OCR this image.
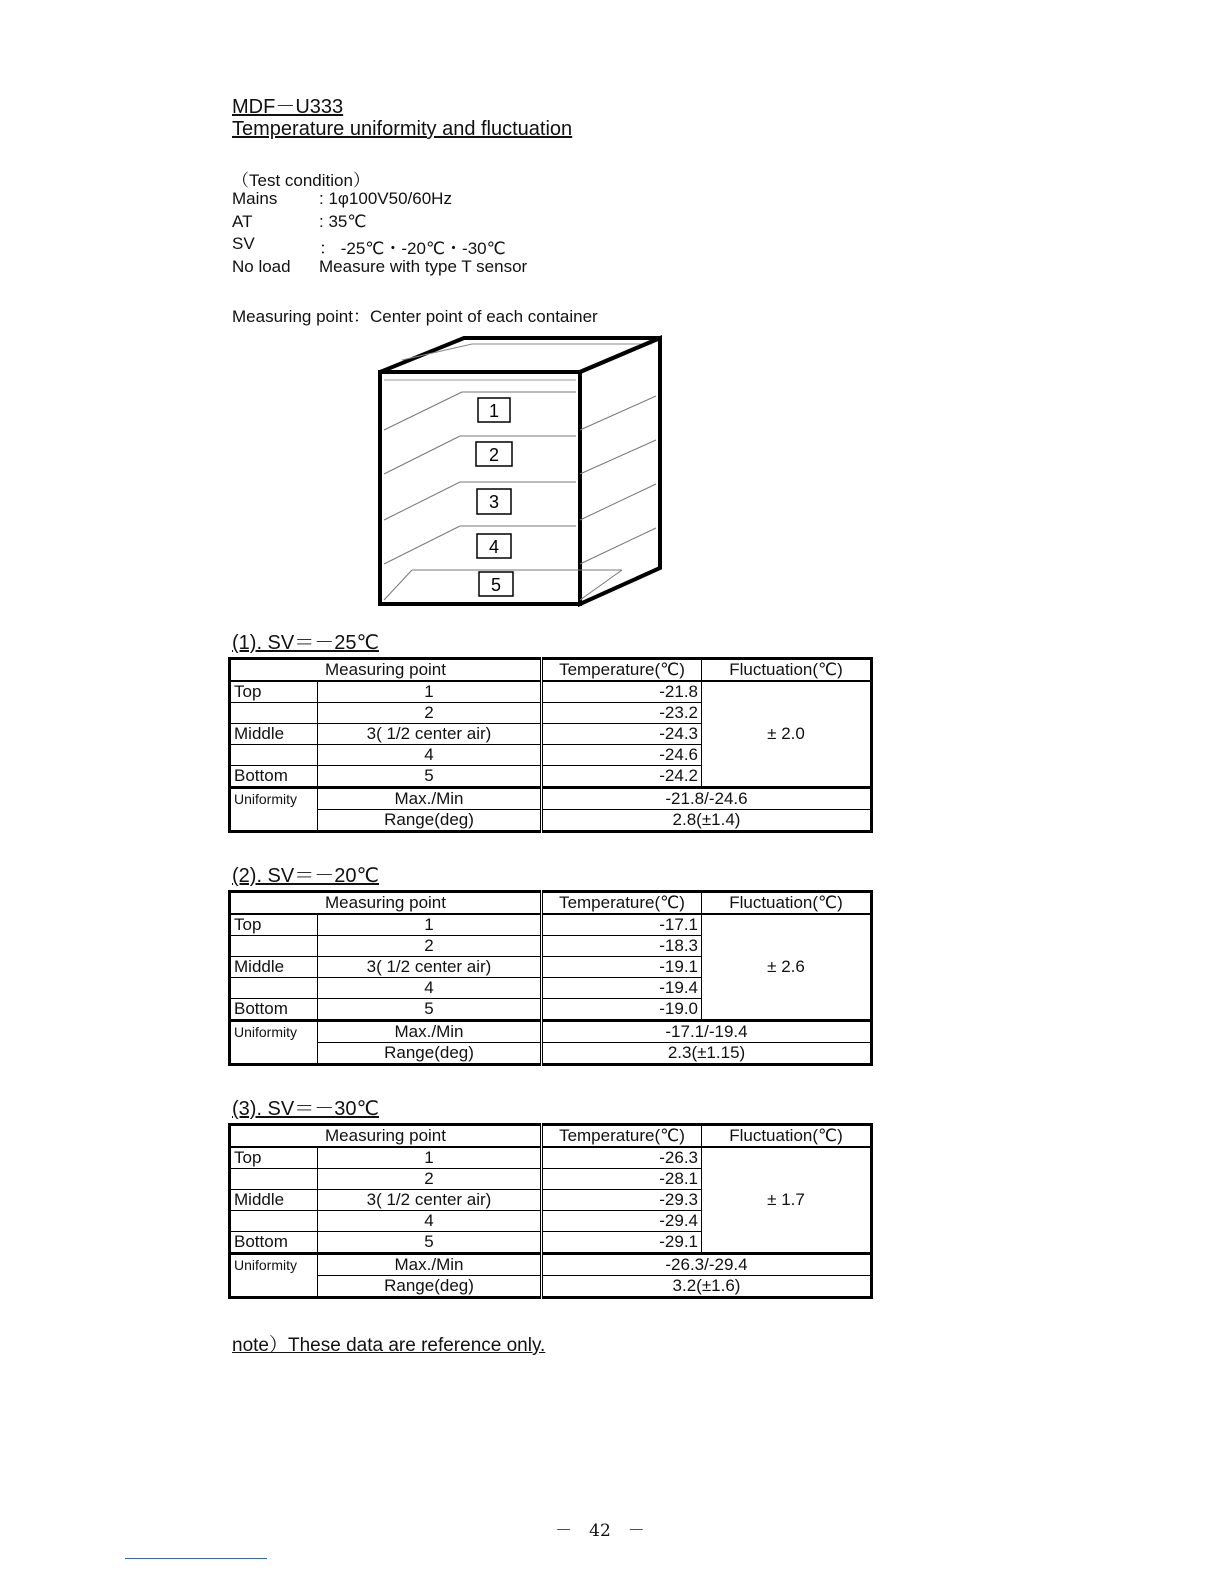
MDF－U333
Temperature uniformity and fluctuation
（Test condition）
Mains : 1φ100V50/60Hz
AT	: 35℃
SV	： -25℃・-20℃・-30℃
No load Measure with type T sensor
Measuring point：Center point of each container
1
2
3
4
5
(1). SV＝－25℃
Measuring point		Temperature(℃)	Fluctuation(℃)
Top	1	-21.8	± 2.0
	2	-23.2	
Middle	3( 1/2 center air)	-24.3	
	4	-24.6	
Bottom	5	-24.2	
Uniformity	Max./Min	-21.8/-24.6	
	Range(deg)	2.8(±1.4)	
(2). SV＝－20℃
Measuring point		Temperature(℃)	Fluctuation(℃)
Top	1	-17.1	± 2.6
	2	-18.3	
Middle	3( 1/2 center air)	-19.1	
	4	-19.4	
Bottom	5	-19.0	
Uniformity	Max./Min	-17.1/-19.4	
	Range(deg)	2.3(±1.15)	
(3). SV＝－30℃
Measuring point		Temperature(℃)	Fluctuation(℃)
Top	1	-26.3	± 1.7
	2	-28.1	
Middle	3( 1/2 center air)	-29.3	
	4	-29.4	
Bottom	5	-29.1	
Uniformity	Max./Min	-26.3/-29.4	
	Range(deg)	3.2(±1.6)	
note）These data are reference only.
－　42　－
